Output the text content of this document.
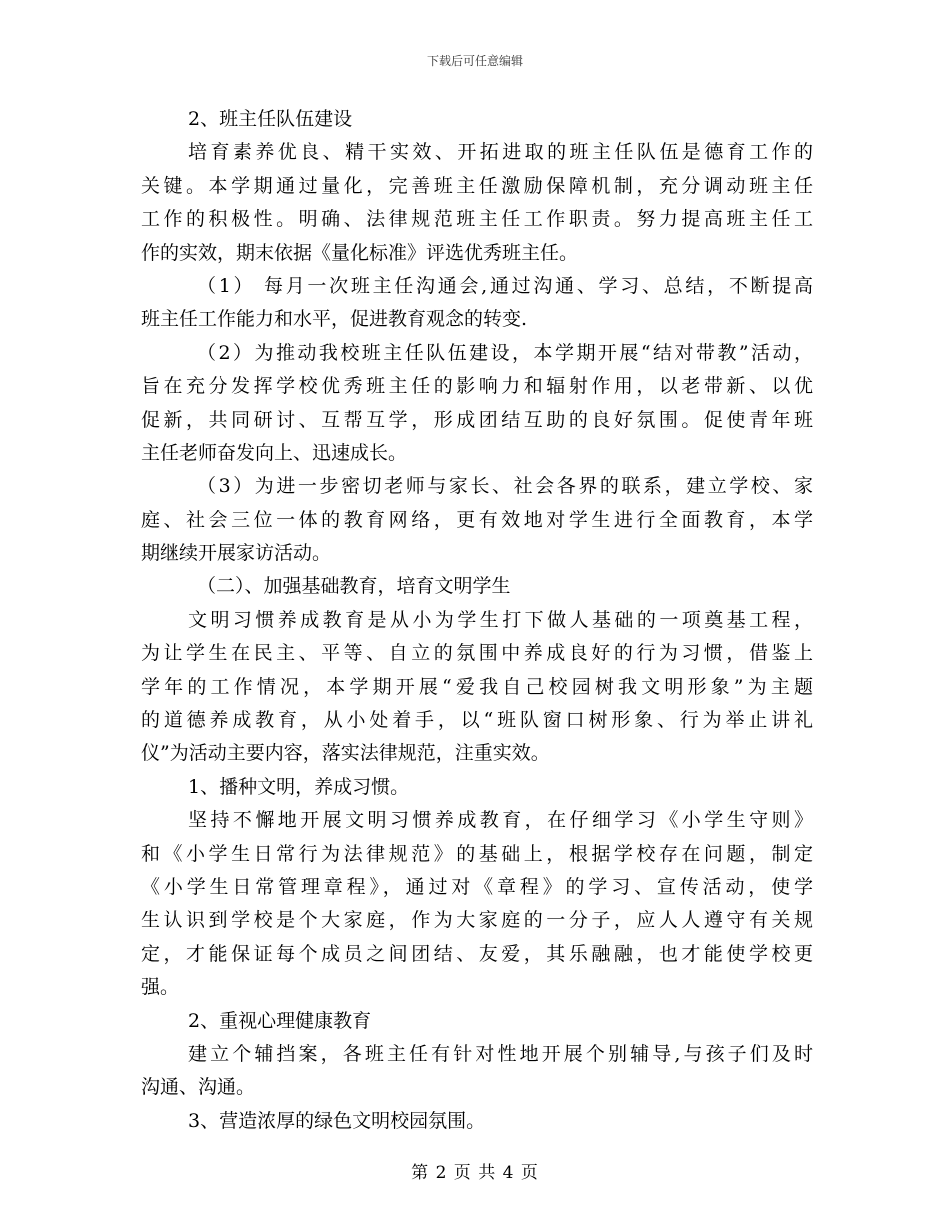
下载后可任意编辑
2、班主任队伍建设
培育素养优良、精干实效、开拓进取的班主任队伍是德育工作的
关键。本学期通过量化，完善班主任激励保障机制，充分调动班主任
工作的积极性。明确、法律规范班主任工作职责。努力提高班主任工
作的实效，期末依据《量化标准》评选优秀班主任。
（1） 每月一次班主任沟通会,通过沟通、学习、总结，不断提高
班主任工作能力和水平，促进教育观念的转变.
（2）为推动我校班主任队伍建设，本学期开展“结对带教”活动，
旨在充分发挥学校优秀班主任的影响力和辐射作用，以老带新、以优
促新，共同研讨、互帮互学，形成团结互助的良好氛围。促使青年班
主任老师奋发向上、迅速成长。
（3）为进一步密切老师与家长、社会各界的联系，建立学校、家
庭、社会三位一体的教育网络，更有效地对学生进行全面教育，本学
期继续开展家访活动。
（二）、加强基础教育，培育文明学生
文明习惯养成教育是从小为学生打下做人基础的一项奠基工程，
为让学生在民主、平等、自立的氛围中养成良好的行为习惯，借鉴上
学年的工作情况，本学期开展“爱我自己校园树我文明形象”为主题
的道德养成教育，从小处着手，以“班队窗口树形象、行为举止讲礼
仪”为活动主要内容，落实法律规范，注重实效。
1、播种文明，养成习惯。
坚持不懈地开展文明习惯养成教育，在仔细学习《小学生守则》
和《小学生日常行为法律规范》的基础上，根据学校存在问题，制定
《小学生日常管理章程》，通过对《章程》的学习、宣传活动，使学
生认识到学校是个大家庭，作为大家庭的一分子，应人人遵守有关规
定，才能保证每个成员之间团结、友爱，其乐融融，也才能使学校更
强。
2、重视心理健康教育
建立个辅挡案，各班主任有针对性地开展个别辅导,与孩子们及时
沟通、沟通。
3、营造浓厚的绿色文明校园氛围。
第 2 页 共 4 页
